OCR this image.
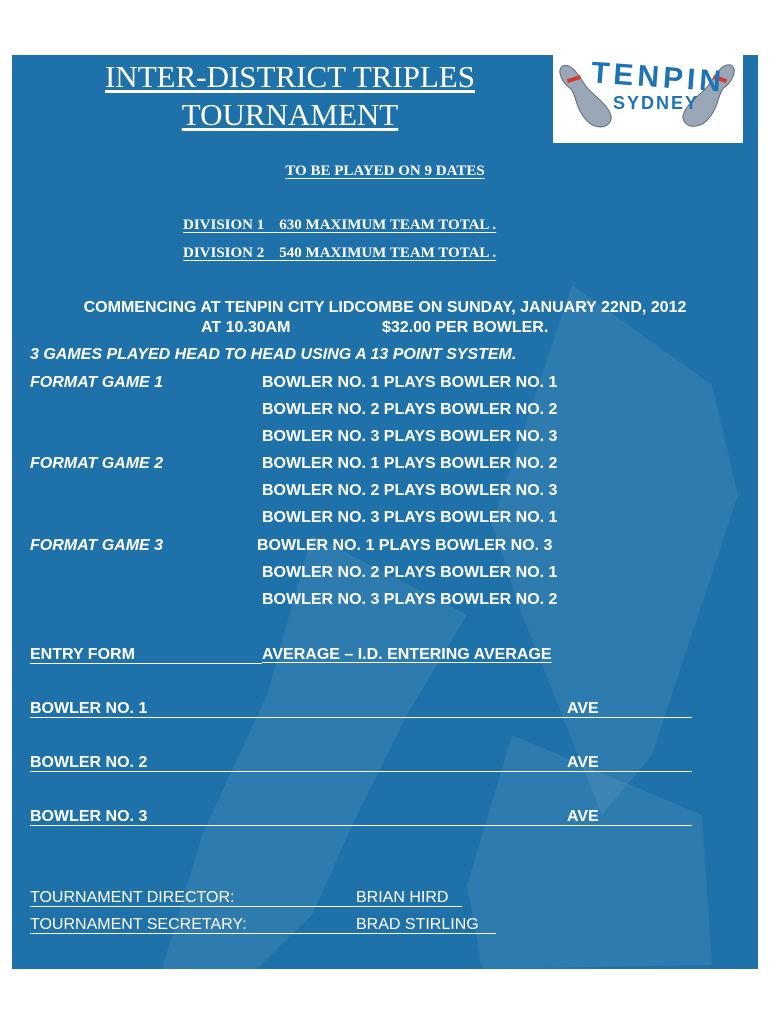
INTER-DISTRICT TRIPLES
TOURNAMENT
TENPIN
SYDNEY
TO BE PLAYED ON 9 DATES
DIVISION 1 630 MAXIMUM TEAM TOTAL .
DIVISION 2 540 MAXIMUM TEAM TOTAL .
COMMENCING AT TENPIN CITY LIDCOMBE ON SUNDAY, JANUARY 22ND, 2012
AT 10.30AM	$32.00 PER BOWLER.
3 GAMES PLAYED HEAD TO HEAD USING A 13 POINT SYSTEM.
FORMAT GAME 1	BOWLER NO. 1 PLAYS BOWLER NO. 1
BOWLER NO. 2 PLAYS BOWLER NO. 2
BOWLER NO. 3 PLAYS BOWLER NO. 3
FORMAT GAME 2	BOWLER NO. 1 PLAYS BOWLER NO. 2
BOWLER NO. 2 PLAYS BOWLER NO. 3
BOWLER NO. 3 PLAYS BOWLER NO. 1
FORMAT GAME 3	BOWLER NO. 1 PLAYS BOWLER NO. 3
BOWLER NO. 2 PLAYS BOWLER NO. 1
BOWLER NO. 3 PLAYS BOWLER NO. 2
ENTRY FORM	AVERAGE – I.D. ENTERING AVERAGE
BOWLER NO. 1	AVE
BOWLER NO. 2	AVE
BOWLER NO. 3	AVE
TOURNAMENT DIRECTOR:	BRIAN HIRD
TOURNAMENT SECRETARY:	BRAD STIRLING
